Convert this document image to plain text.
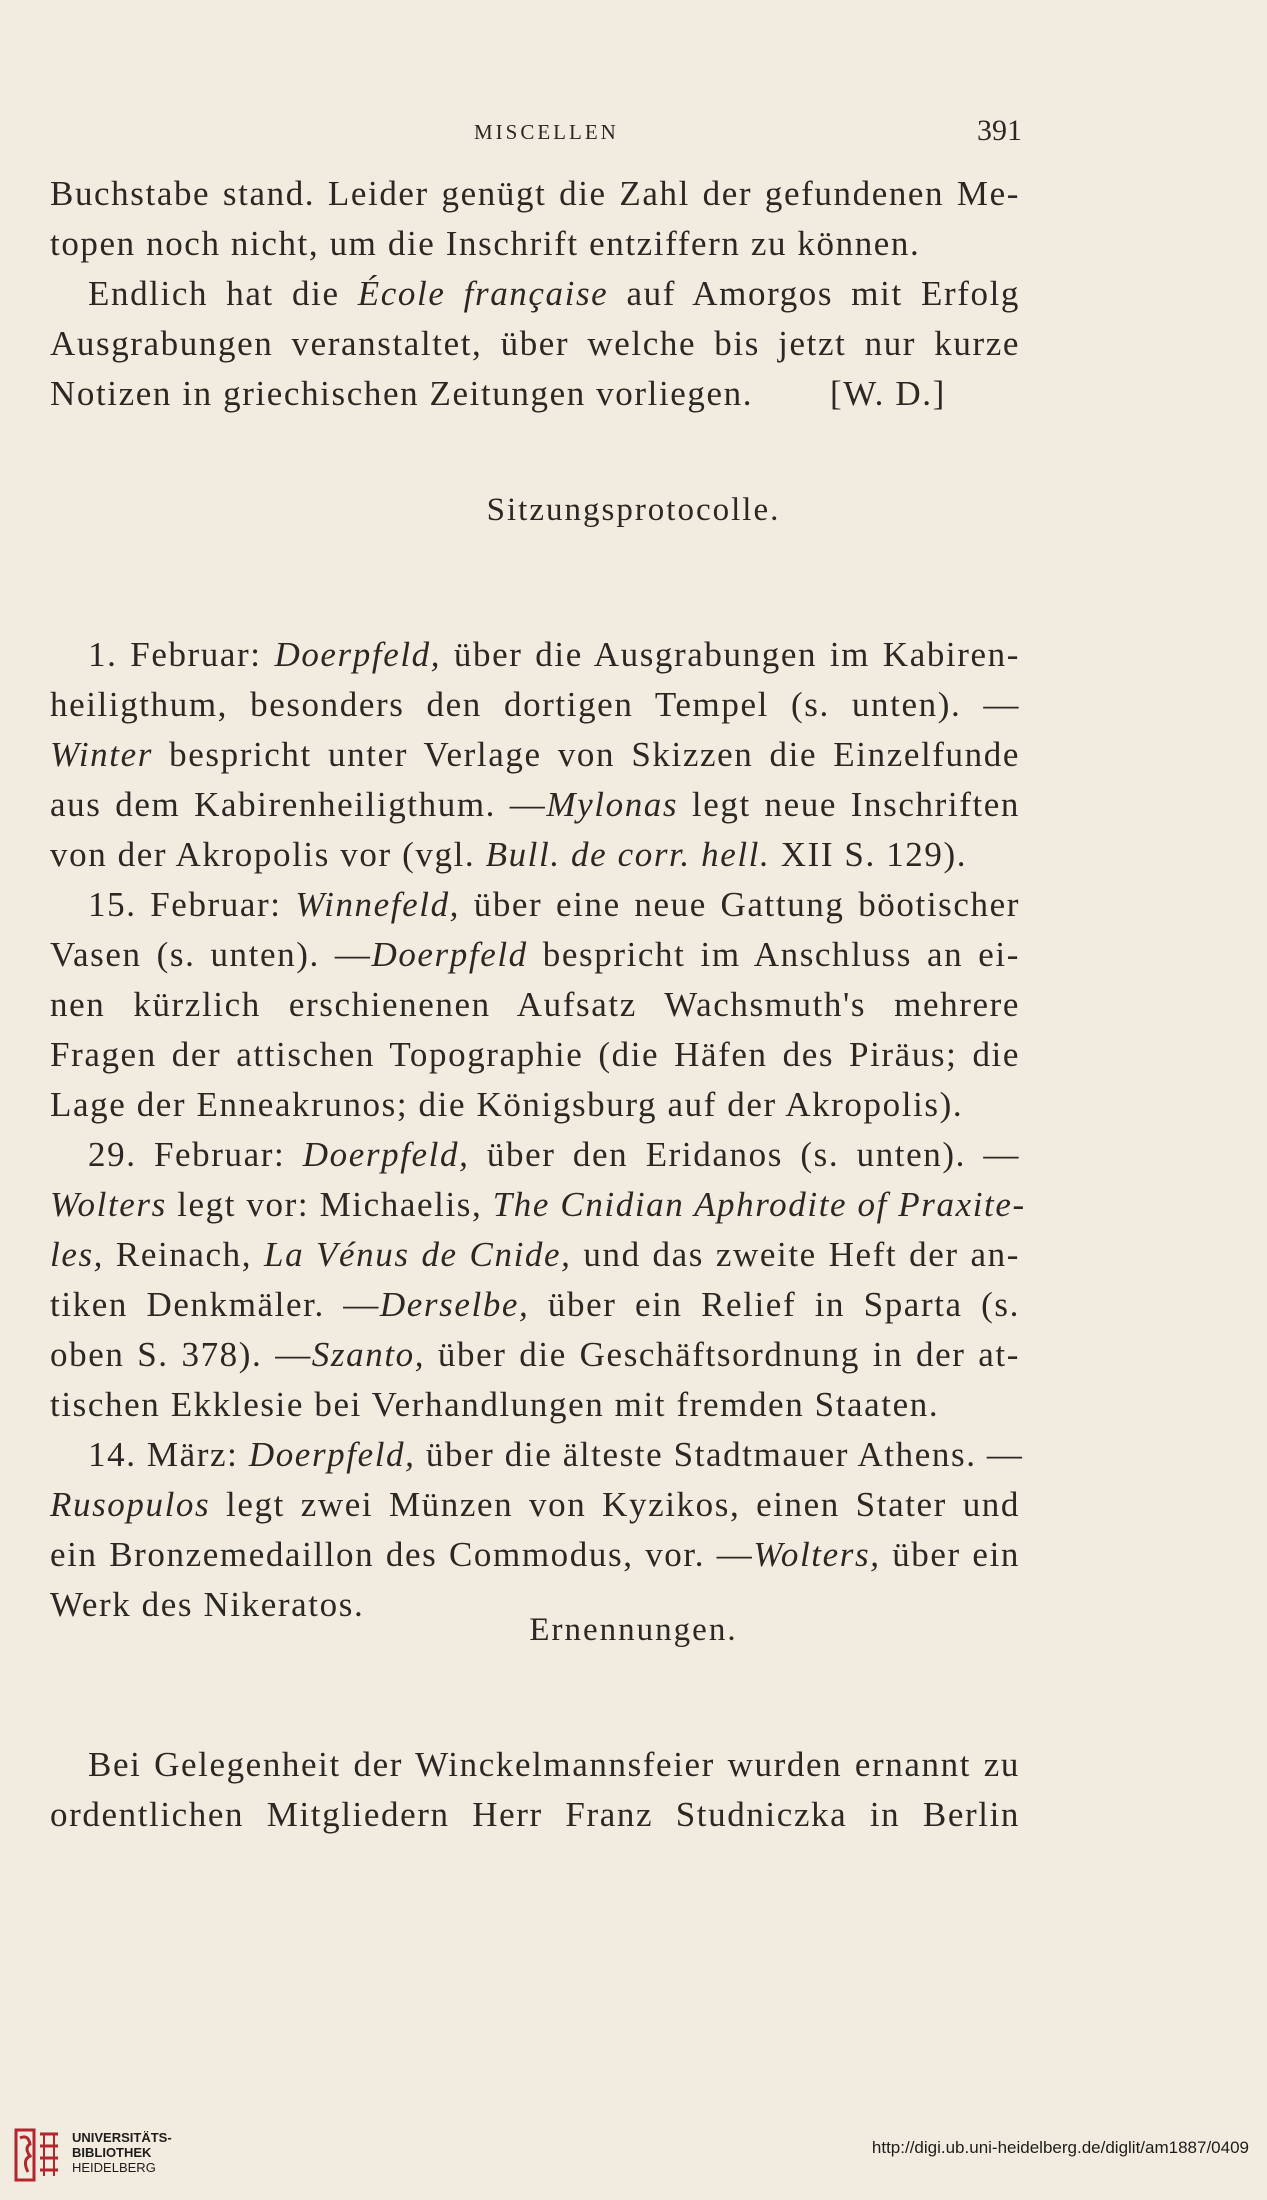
MISCELLEN	391
Buchstabe stand. Leider genügt die Zahl der gefundenen Me-
topen noch nicht, um die Inschrift entziffern zu können.
Endlich hat die École française auf Amorgos mit Erfolg
Ausgrabungen veranstaltet, über welche bis jetzt nur kurze
Notizen in griechischen Zeitungen vorliegen. [W. D.]
Sitzungsprotocolle.
1. Februar: Doerpfeld, über die Ausgrabungen im Kabiren-
heiligthum, besonders den dortigen Tempel (s. unten). —
Winter bespricht unter Verlage von Skizzen die Einzelfunde
aus dem Kabirenheiligthum. —Mylonas legt neue Inschriften
von der Akropolis vor (vgl. Bull. de corr. hell. XII S. 129).
15. Februar: Winnefeld, über eine neue Gattung böotischer
Vasen (s. unten). —Doerpfeld bespricht im Anschluss an ei-
nen kürzlich erschienenen Aufsatz Wachsmuth's mehrere
Fragen der attischen Topographie (die Häfen des Piräus; die
Lage der Enneakrunos; die Königsburg auf der Akropolis).
29. Februar: Doerpfeld, über den Eridanos (s. unten). —
Wolters legt vor: Michaelis, The Cnidian Aphrodite of Praxite-
les, Reinach, La Vénus de Cnide, und das zweite Heft der an-
tiken Denkmäler. —Derselbe, über ein Relief in Sparta (s.
oben S. 378). —Szanto, über die Geschäftsordnung in der at-
tischen Ekklesie bei Verhandlungen mit fremden Staaten.
14. März: Doerpfeld, über die älteste Stadtmauer Athens. —
Rusopulos legt zwei Münzen von Kyzikos, einen Stater und
ein Bronzemedaillon des Commodus, vor. —Wolters, über ein
Werk des Nikeratos.
Ernennungen.
Bei Gelegenheit der Winckelmannsfeier wurden ernannt zu
ordentlichen Mitgliedern Herr Franz Studniczka in Berlin
UNIVERSITÄTS-
BIBLIOTHEK
HEIDELBERG
http://digi.ub.uni-heidelberg.de/diglit/am1887/0409
